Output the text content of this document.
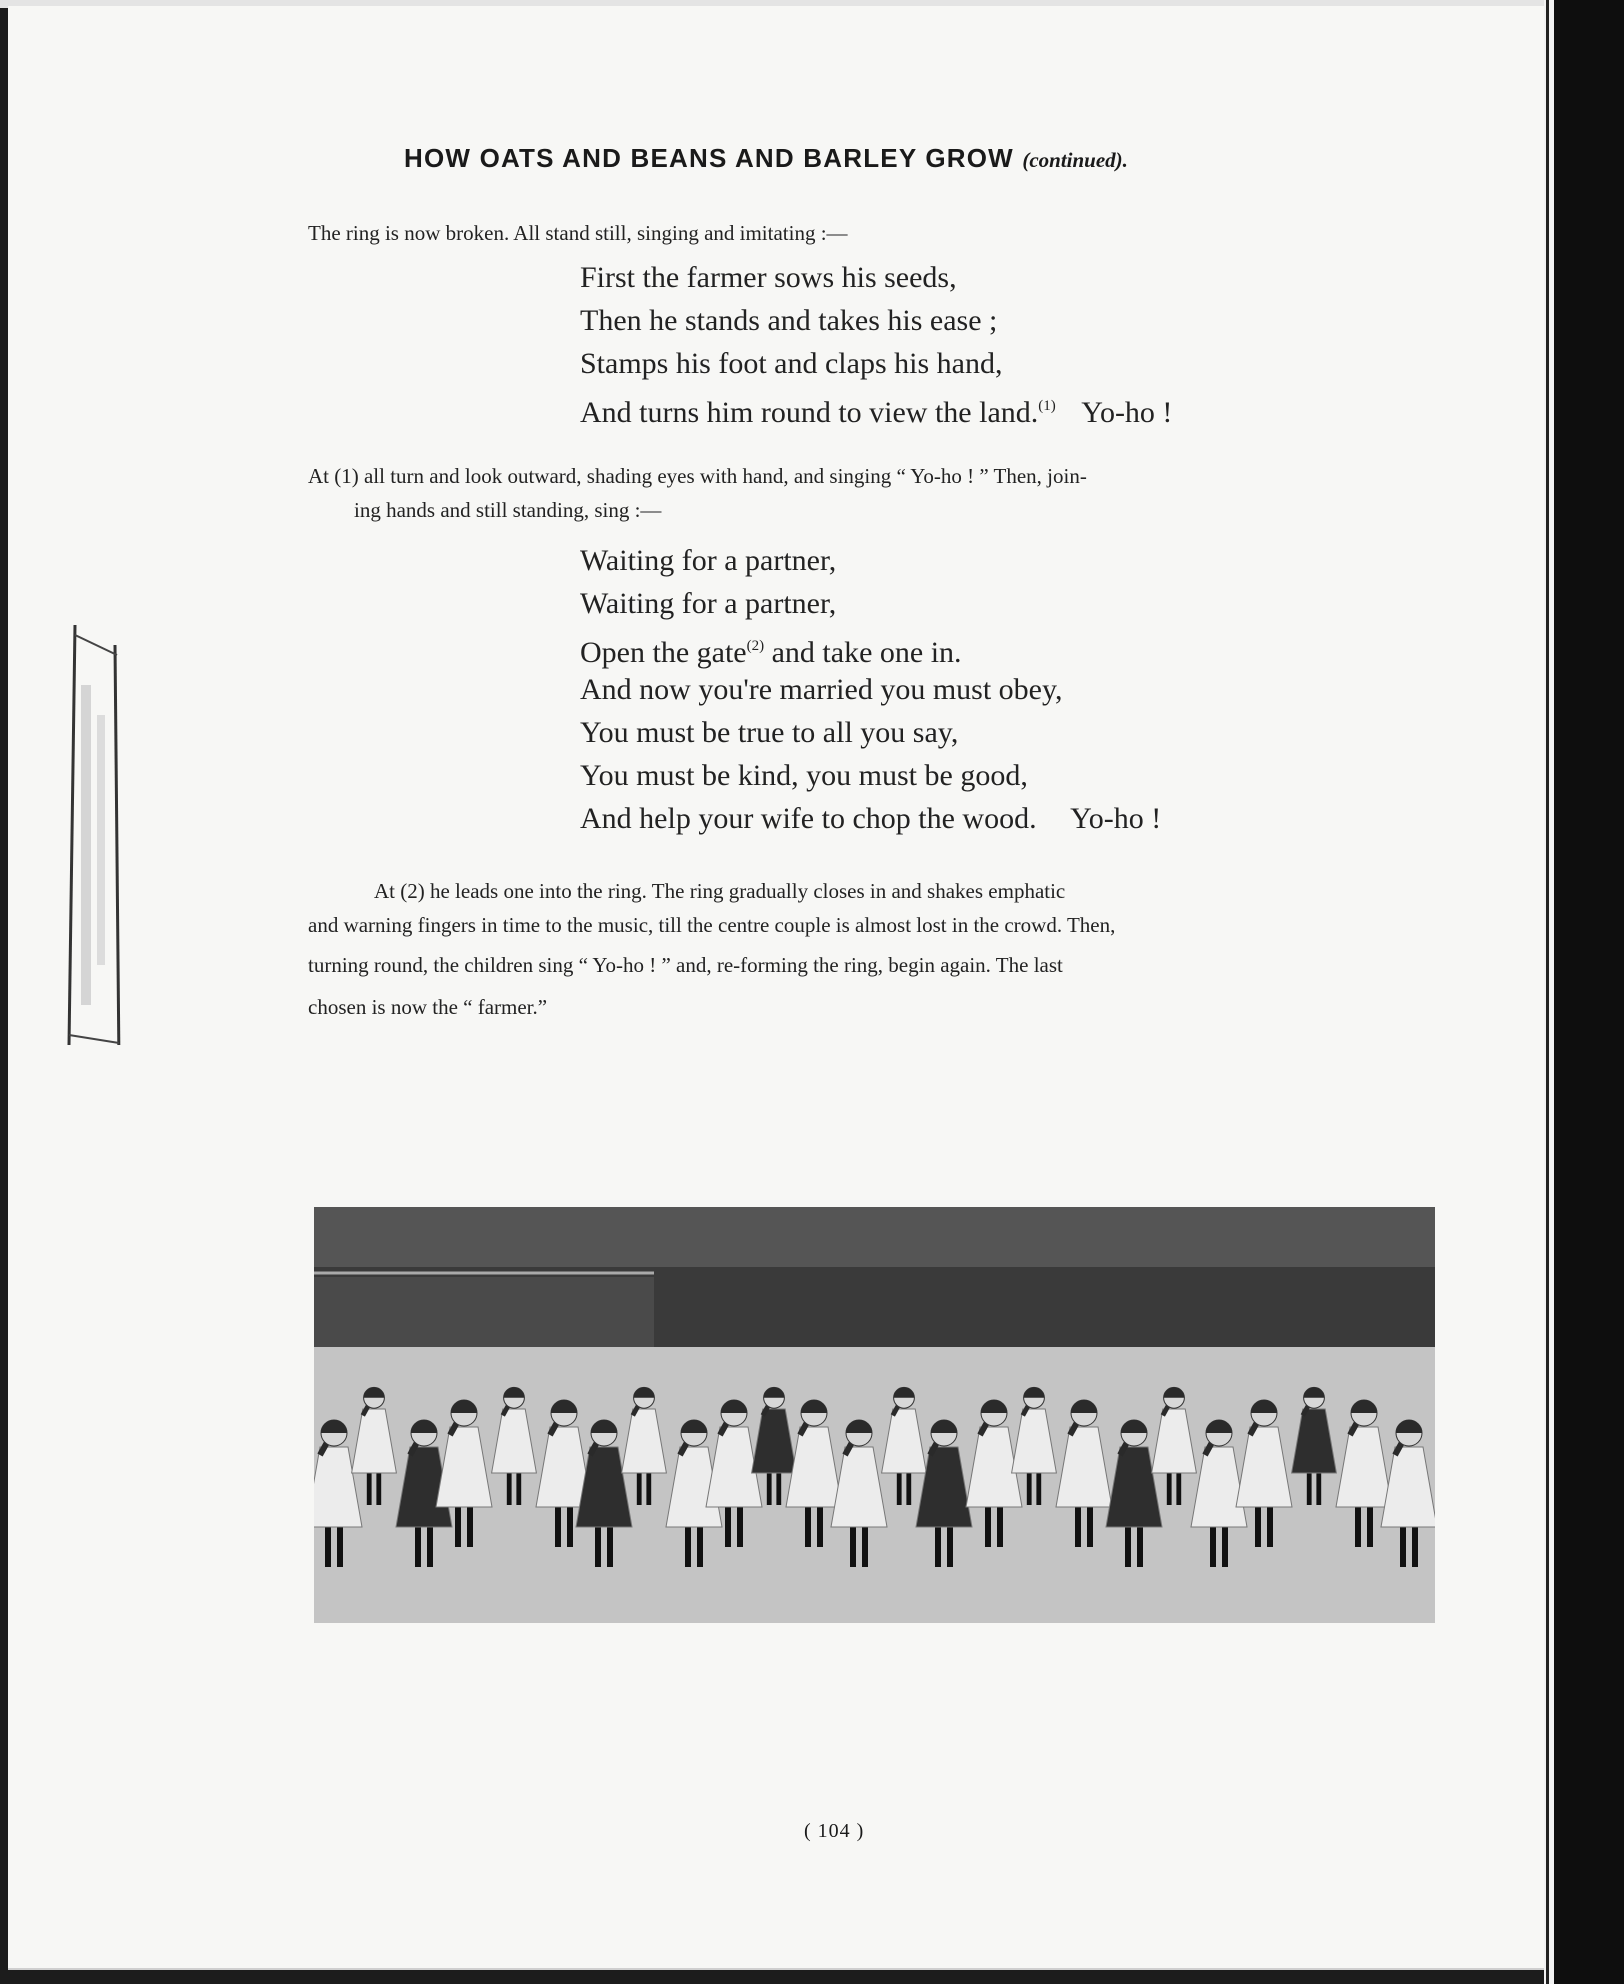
HOW OATS AND BEANS AND BARLEY GROW (continued).
The ring is now broken. All stand still, singing and imitating :—
First the farmer sows his seeds,
Then he stands and takes his ease ;
Stamps his foot and claps his hand,
And turns him round to view the land.$^{(1)}$ Yo-ho !
At (1) all turn and look outward, shading eyes with hand, and singing “ Yo-ho ! ” Then, join-
ing hands and still standing, sing :—
Waiting for a partner,
Waiting for a partner,
Open the gate$^{(2)}$ and take one in.
And now you're married you must obey,
You must be true to all you say,
You must be kind, you must be good,
And help your wife to chop the wood. Yo-ho !
At (2) he leads one into the ring. The ring gradually closes in and shakes emphatic
and warning fingers in time to the music, till the centre couple is almost lost in the crowd. Then,
turning round, the children sing “ Yo-ho ! ” and, re-forming the ring, begin again. The last
chosen is now the “ farmer.”
( 104 )
